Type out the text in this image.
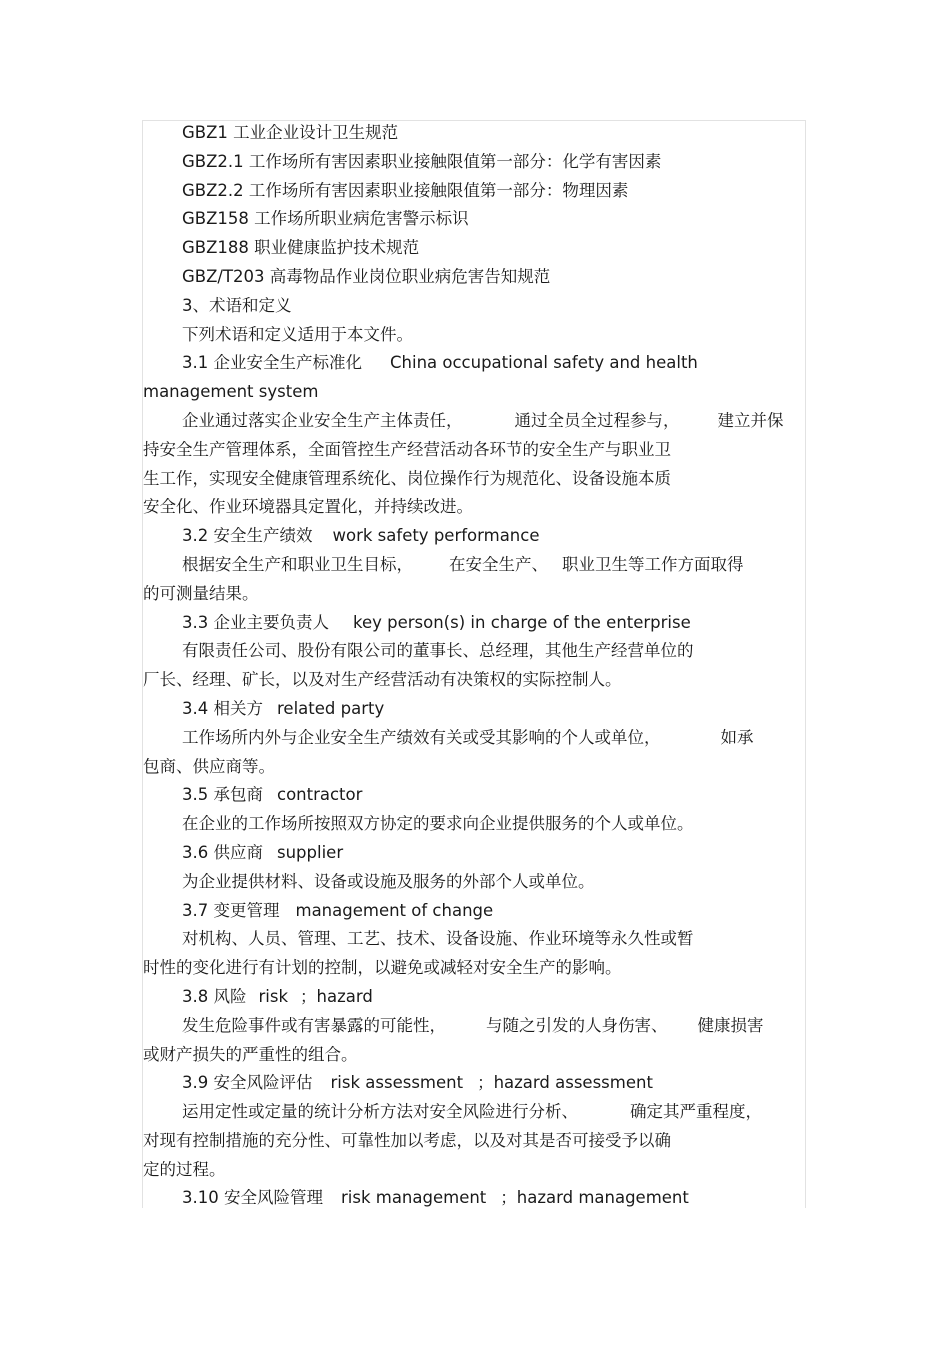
GBZ1 工业企业设计卫生规范
GBZ2.1 工作场所有害因素职业接触限值第一部分：化学有害因素
GBZ2.2 工作场所有害因素职业接触限值第一部分：物理因素
GBZ158 工作场所职业病危害警示标识
GBZ188 职业健康监护技术规范
GBZ/T203 高毒物品作业岗位职业病危害告知规范
3、术语和定义
下列术语和定义适用于本文件。
3.1 企业安全生产标准化 China occupational safety and health
management system
企业通过落实企业安全生产主体责任，	通过全员全过程参与， 建立并保
持安全生产管理体系，全面管控生产经营活动各环节的安全生产与职业卫
生工作，实现安全健康管理系统化、岗位操作行为规范化、设备设施本质
安全化、作业环境器具定置化，并持续改进。
3.2 安全生产绩效 work safety performance
根据安全生产和职业卫生目标， 在安全生产、 职业卫生等工作方面取得
的可测量结果。
3.3 企业主要负责人 key person(s) in charge of the enterprise
有限责任公司、股份有限公司的董事长、总经理，其他生产经营单位的
厂长、经理、矿长，以及对生产经营活动有决策权的实际控制人。
3.4 相关方 related party
工作场所内外与企业安全生产绩效有关或受其影响的个人或单位，	如承
包商、供应商等。
3.5 承包商 contractor
在企业的工作场所按照双方协定的要求向企业提供服务的个人或单位。
3.6 供应商 supplier
为企业提供材料、设备或设施及服务的外部个人或单位。
3.7 变更管理 management of change
对机构、人员、管理、工艺、技术、设备设施、作业环境等永久性或暂
时性的变化进行有计划的控制，以避免或减轻对安全生产的影响。
3.8 风险 risk ；hazard
发生危险事件或有害暴露的可能性， 与随之引发的人身伤害、 健康损害
或财产损失的严重性的组合。
3.9 安全风险评估 risk assessment ；hazard assessment
运用定性或定量的统计分析方法对安全风险进行分析、	确定其严重程度，
对现有控制措施的充分性、可靠性加以考虑，以及对其是否可接受予以确
定的过程。
3.10 安全风险管理 risk management ；hazard management
